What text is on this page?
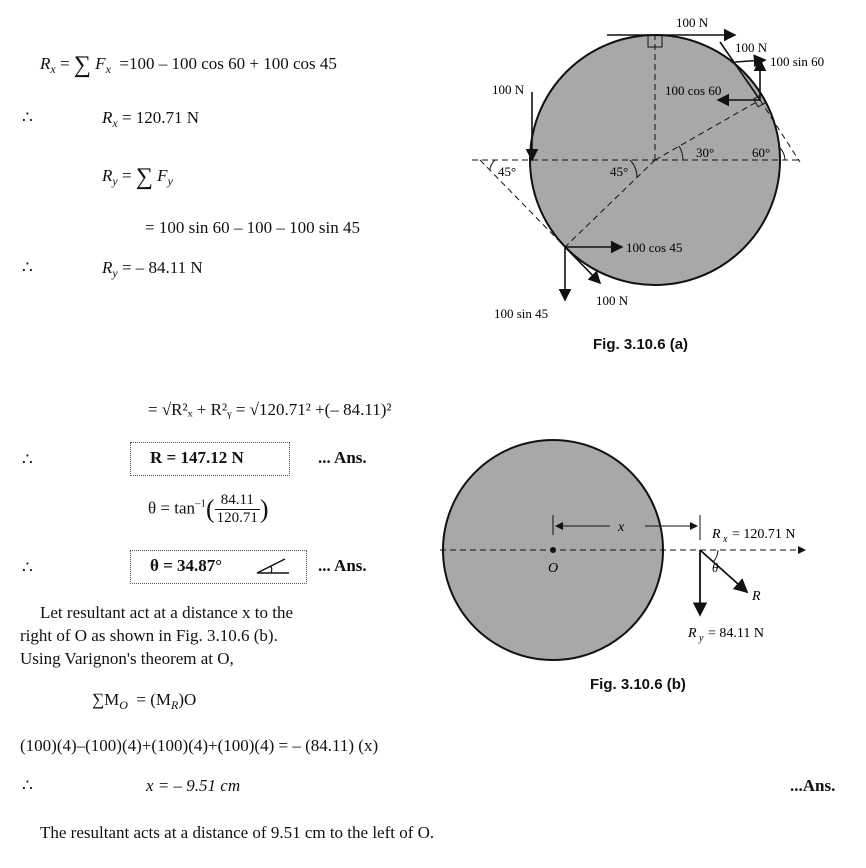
$R_x$ = ∑ $F_x =100 - 100$ cos 60 + 100 cos 45
∴	$R_x = 120.71$ N
$R_y$ = ∑ $F_y$
= 100 sin 60 – 100 – 100 sin 45
∴	$R_y$ = – 84.11 N
= √R²ₓ + R²ᵧ = √120.71² +(– 84.11)²
∴	R = 147.12 N	... Ans.
$\theta = \tan^{-1}( \frac{84.11}{120.71}$ )
∴	θ = 34.87°	... Ans.
Let resultant act at a distance x to the
right of O as shown in Fig. 3.10.6 (b).
Using Varignon's theorem at O,
$\sum M_O = (M_R)O$
(100)(4)–(100)(4)+(100)(4)+(100)(4) = – (84.11) (x)
∴	x = – 9.51 cm	...Ans.
The resultant acts at a distance of 9.51 cm to the left of O.
100 N
100 N
100 sin 60
100 N	100 cos 60
30°	60°
45°	45°
100 cos 45
100 N
100 sin 45
Fig. 3.10.6 (a)
x
O
R x = 120.71 N
θ
R
R y = 84.11 N
Fig. 3.10.6 (b)
